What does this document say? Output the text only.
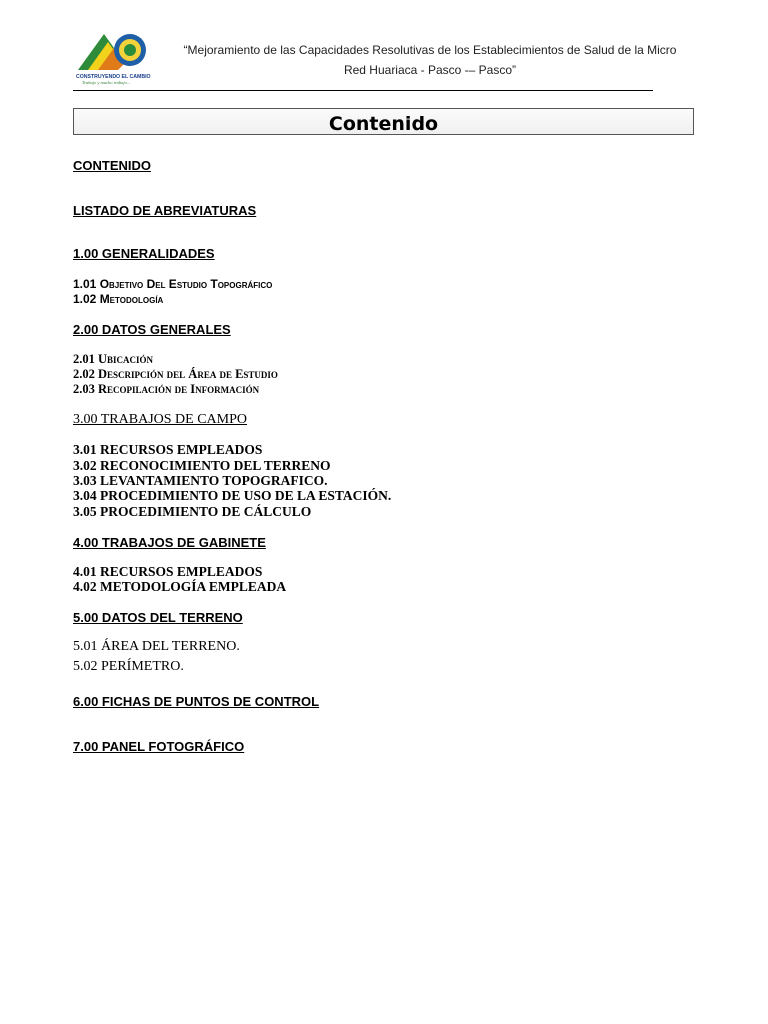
CONSTRUYENDO EL CAMBIO
Trabajo y mucho trabajo...
“Mejoramiento de las Capacidades Resolutivas de los Establecimientos de Salud de la Micro
Red Huariaca - Pasco -– Pasco”
Contenido
CONTENIDO
LISTADO DE ABREVIATURAS
1.00 GENERALIDADES
1.01 Objetivo Del Estudio Topográfico
1.02 Metodología
2.00 DATOS GENERALES
2.01 Ubicación
2.02 Descripción del Área de Estudio
2.03 Recopilación de Información
3.00 TRABAJOS DE CAMPO
3.01 RECURSOS EMPLEADOS
3.02 RECONOCIMIENTO DEL TERRENO
3.03 LEVANTAMIENTO TOPOGRAFICO.
3.04 PROCEDIMIENTO DE USO DE LA ESTACIÓN.
3.05 PROCEDIMIENTO DE CÁLCULO
4.00 TRABAJOS DE GABINETE
4.01 RECURSOS EMPLEADOS
4.02 METODOLOGÍA EMPLEADA
5.00 DATOS DEL TERRENO
5.01 ÁREA DEL TERRENO.
5.02 PERÍMETRO.
6.00 FICHAS DE PUNTOS DE CONTROL
7.00 PANEL FOTOGRÁFICO
